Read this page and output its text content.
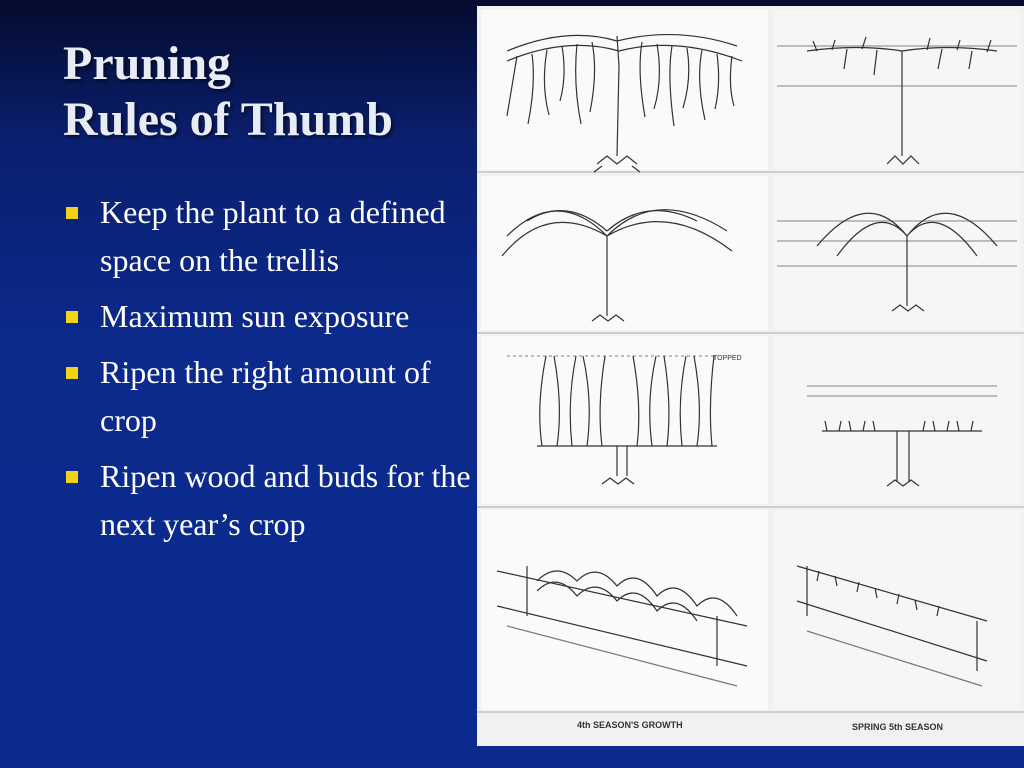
Pruning
Rules of Thumb
Keep the plant to a defined space on the trellis
Maximum sun exposure
Ripen the right amount of crop
Ripen wood and buds for the next year’s crop
TOPPED
4th SEASON'S GROWTH	SPRING 5th SEASON
